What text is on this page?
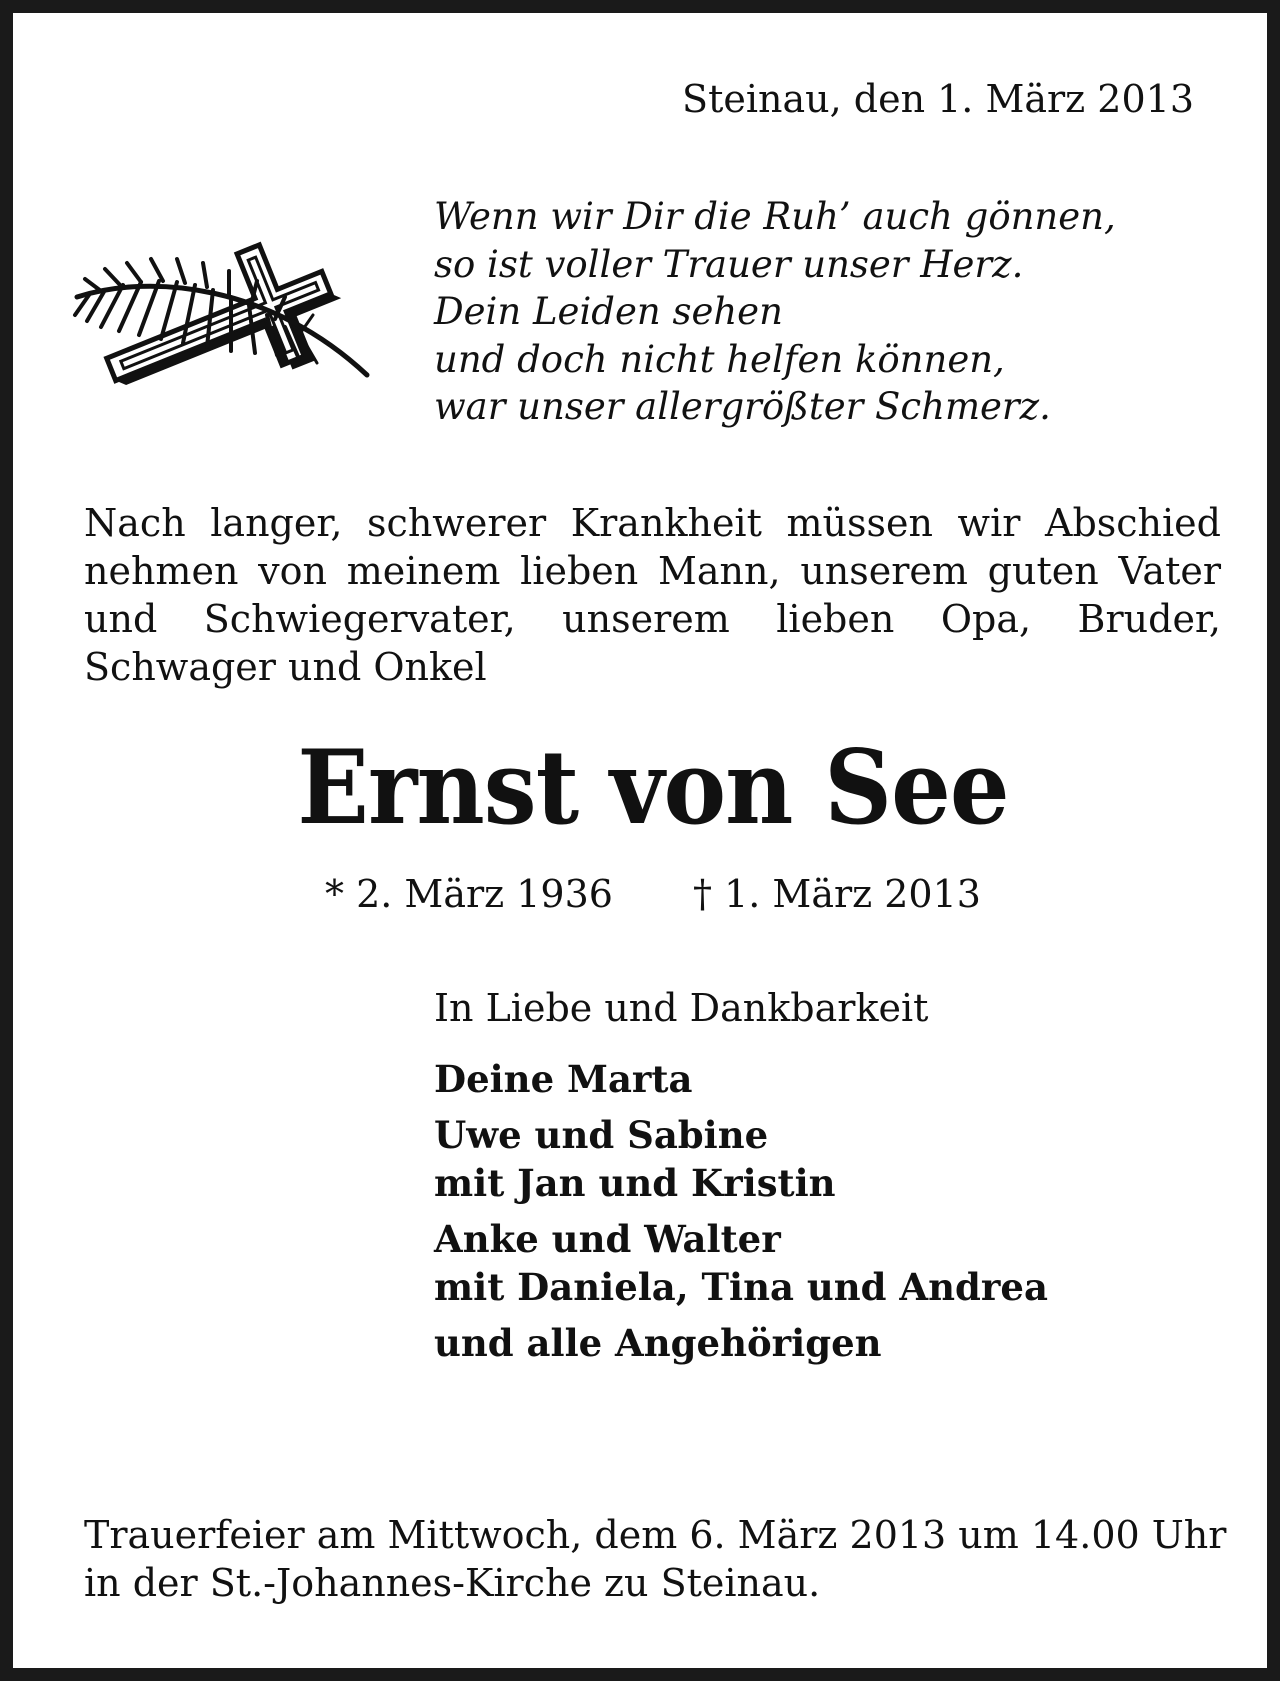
Steinau, den 1. März 2013
Wenn wir Dir die Ruh’ auch gönnen,
so ist voller Trauer unser Herz.
Dein Leiden sehen
und doch nicht helfen können,
war unser allergrößter Schmerz.
Nach langer, schwerer Krankheit müssen wir Abschied nehmen von meinem lieben Mann, unserem guten Vater und Schwiegervater, unserem lieben Opa, Bruder, Schwager und Onkel
Ernst von See
* 2. März 1936 † 1. März 2013
In Liebe und Dankbarkeit
Deine Marta
Uwe und Sabine
mit Jan und Kristin
Anke und Walter
mit Daniela, Tina und Andrea
und alle Angehörigen
Trauerfeier am Mittwoch, dem 6. März 2013 um 14.00 Uhr
in der St.-Johannes-Kirche zu Steinau.
